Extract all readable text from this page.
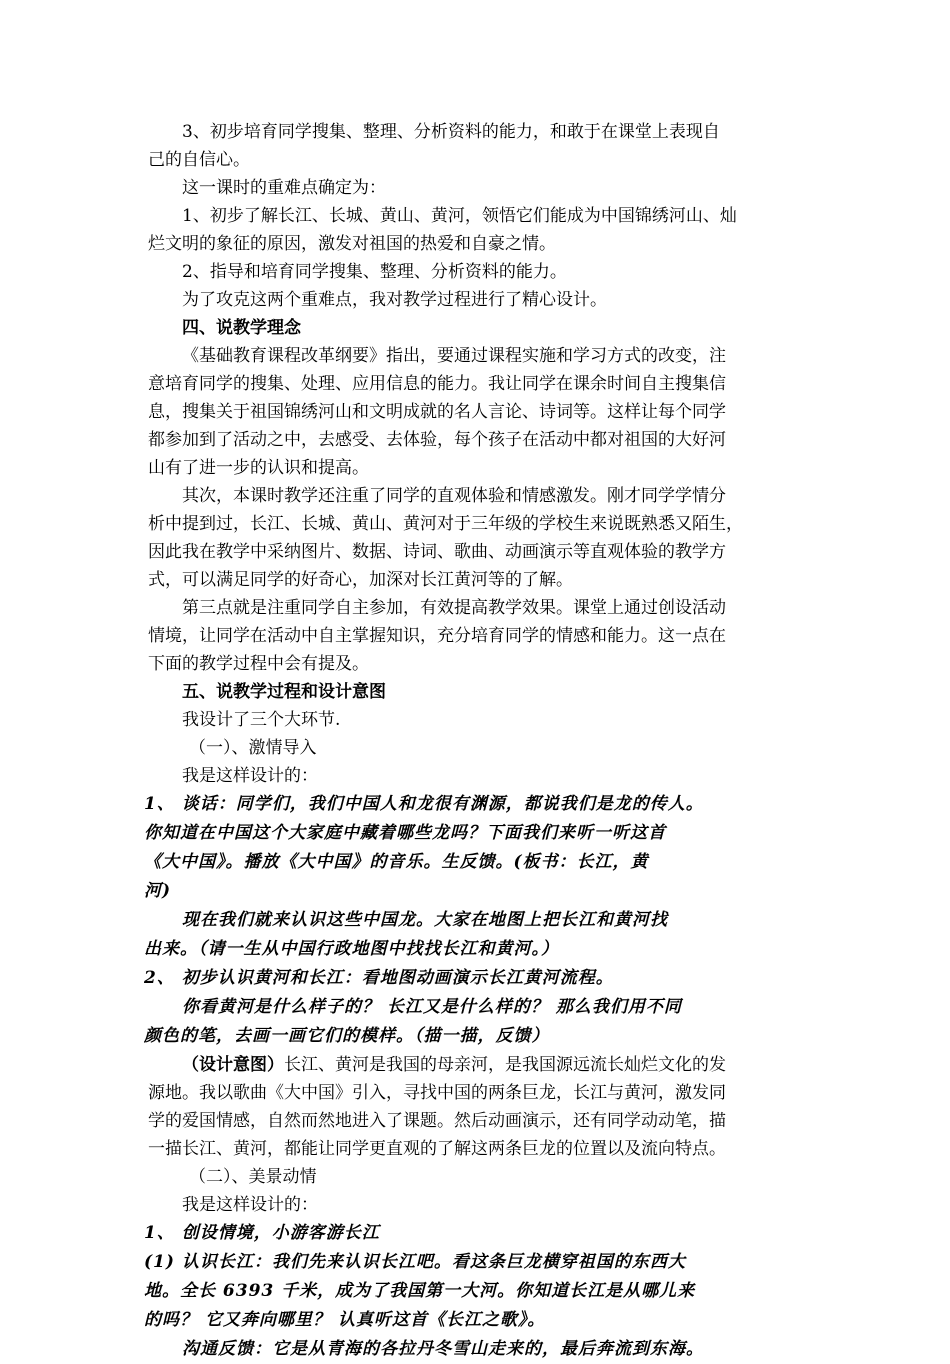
3、初步培育同学搜集、整理、分析资料的能力，和敢于在课堂上表现自
己的自信心。
这一课时的重难点确定为：
1、初步了解长江、长城、黄山、黄河，领悟它们能成为中国锦绣河山、灿
烂文明的象征的原因，激发对祖国的热爱和自豪之情。
2、指导和培育同学搜集、整理、分析资料的能力。
为了攻克这两个重难点，我对教学过程进行了精心设计。
四、说教学理念
《基础教育课程改革纲要》指出，要通过课程实施和学习方式的改变，注
意培育同学的搜集、处理、应用信息的能力。我让同学在课余时间自主搜集信
息，搜集关于祖国锦绣河山和文明成就的名人言论、诗词等。这样让每个同学
都参加到了活动之中，去感受、去体验，每个孩子在活动中都对祖国的大好河
山有了进一步的认识和提高。
其次，本课时教学还注重了同学的直观体验和情感激发。刚才同学学情分
析中提到过，长江、长城、黄山、黄河对于三年级的学校生来说既熟悉又陌生，
因此我在教学中采纳图片、数据、诗词、歌曲、动画演示等直观体验的教学方
式，可以满足同学的好奇心，加深对长江黄河等的了解。
第三点就是注重同学自主参加，有效提高教学效果。课堂上通过创设活动
情境，让同学在活动中自主掌握知识，充分培育同学的情感和能力。这一点在
下面的教学过程中会有提及。
五、说教学过程和设计意图
我设计了三个大环节.
（一）、激情导入
我是这样设计的：
1、 谈话：同学们，我们中国人和龙很有渊源，都说我们是龙的传人。
你知道在中国这个大家庭中藏着哪些龙吗？下面我们来听一听这首
《大中国》。播放《大中国》的音乐。生反馈。(板书：长江，黄
河)
现在我们就来认识这些中国龙。大家在地图上把长江和黄河找
出来。（请一生从中国行政地图中找找长江和黄河。）
2、 初步认识黄河和长江：看地图动画演示长江黄河流程。
你看黄河是什么样子的？ 长江又是什么样的？ 那么我们用不同
颜色的笔，去画一画它们的模样。（描一描，反馈）
（设计意图）长江、黄河是我国的母亲河，是我国源远流长灿烂文化的发
源地。我以歌曲《大中国》引入，寻找中国的两条巨龙，长江与黄河，激发同
学的爱国情感，自然而然地进入了课题。然后动画演示，还有同学动动笔，描
一描长江、黄河，都能让同学更直观的了解这两条巨龙的位置以及流向特点。
（二）、美景动情
我是这样设计的：
1、 创设情境，小游客游长江
(1) 认识长江：我们先来认识长江吧。看这条巨龙横穿祖国的东西大
地。全长 6393 千米，成为了我国第一大河。你知道长江是从哪儿来
的吗？ 它又奔向哪里？ 认真听这首《长江之歌》。
沟通反馈：它是从青海的各拉丹冬雪山走来的，最后奔流到东海。
